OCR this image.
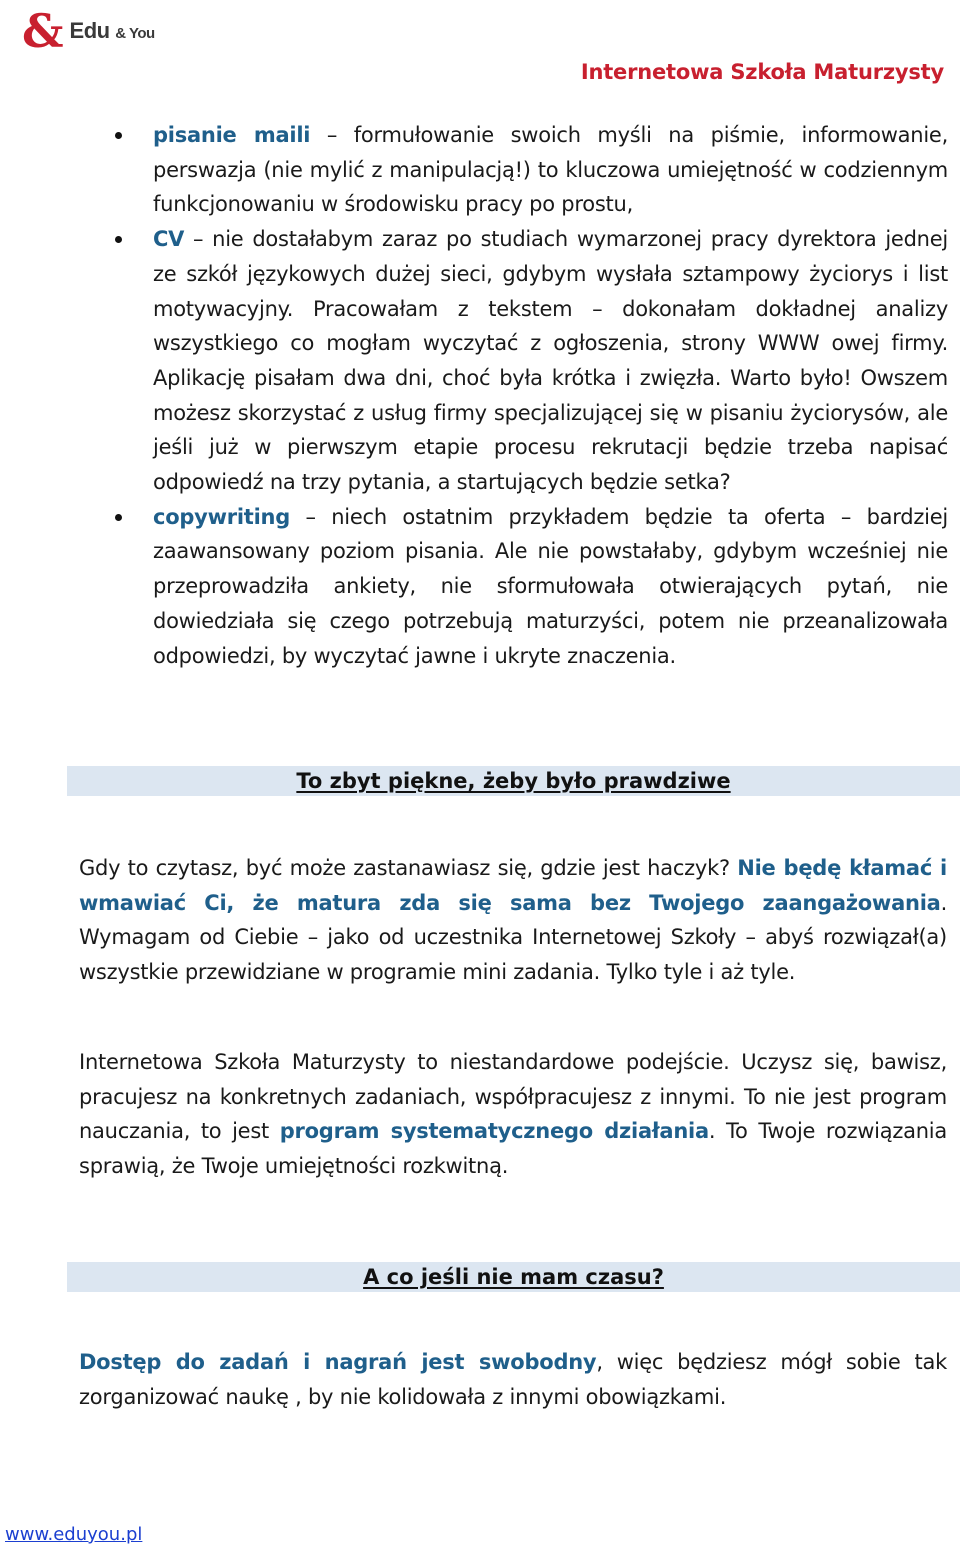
& Edu & You
Internetowa Szkoła Maturzysty
pisanie maili – formułowanie swoich myśli na piśmie, informowanie, perswazja (nie mylić z manipulacją!) to kluczowa umiejętność w codziennym funkcjonowaniu w środowisku pracy po prostu,
CV – nie dostałabym zaraz po studiach wymarzonej pracy dyrektora jednej ze szkół językowych dużej sieci, gdybym wysłała sztampowy życiorys i list motywacyjny. Pracowałam z tekstem – dokonałam dokładnej analizy wszystkiego co mogłam wyczytać z ogłoszenia, strony WWW owej firmy. Aplikację pisałam dwa dni, choć była krótka i zwięzła. Warto było! Owszem możesz skorzystać z usług firmy specjalizującej się w pisaniu życiorysów, ale jeśli już w pierwszym etapie procesu rekrutacji będzie trzeba napisać odpowiedź na trzy pytania, a startujących będzie setka?
copywriting – niech ostatnim przykładem będzie ta oferta – bardziej zaawansowany poziom pisania. Ale nie powstałaby, gdybym wcześniej nie przeprowadziła ankiety, nie sformułowała otwierających pytań, nie dowiedziała się czego potrzebują maturzyści, potem nie przeanalizowała odpowiedzi, by wyczytać jawne i ukryte znaczenia.
To zbyt piękne, żeby było prawdziwe
Gdy to czytasz, być może zastanawiasz się, gdzie jest haczyk? Nie będę kłamać i wmawiać Ci, że matura zda się sama bez Twojego zaangażowania. Wymagam od Ciebie – jako od uczestnika Internetowej Szkoły – abyś rozwiązał(a) wszystkie przewidziane w programie mini zadania. Tylko tyle i aż tyle.
Internetowa Szkoła Maturzysty to niestandardowe podejście. Uczysz się, bawisz, pracujesz na konkretnych zadaniach, współpracujesz z innymi. To nie jest program nauczania, to jest program systematycznego działania. To Twoje rozwiązania sprawią, że Twoje umiejętności rozkwitną.
A co jeśli nie mam czasu?
Dostęp do zadań i nagrań jest swobodny, więc będziesz mógł sobie tak zorganizować naukę , by nie kolidowała z innymi obowiązkami.
www.eduyou.pl
